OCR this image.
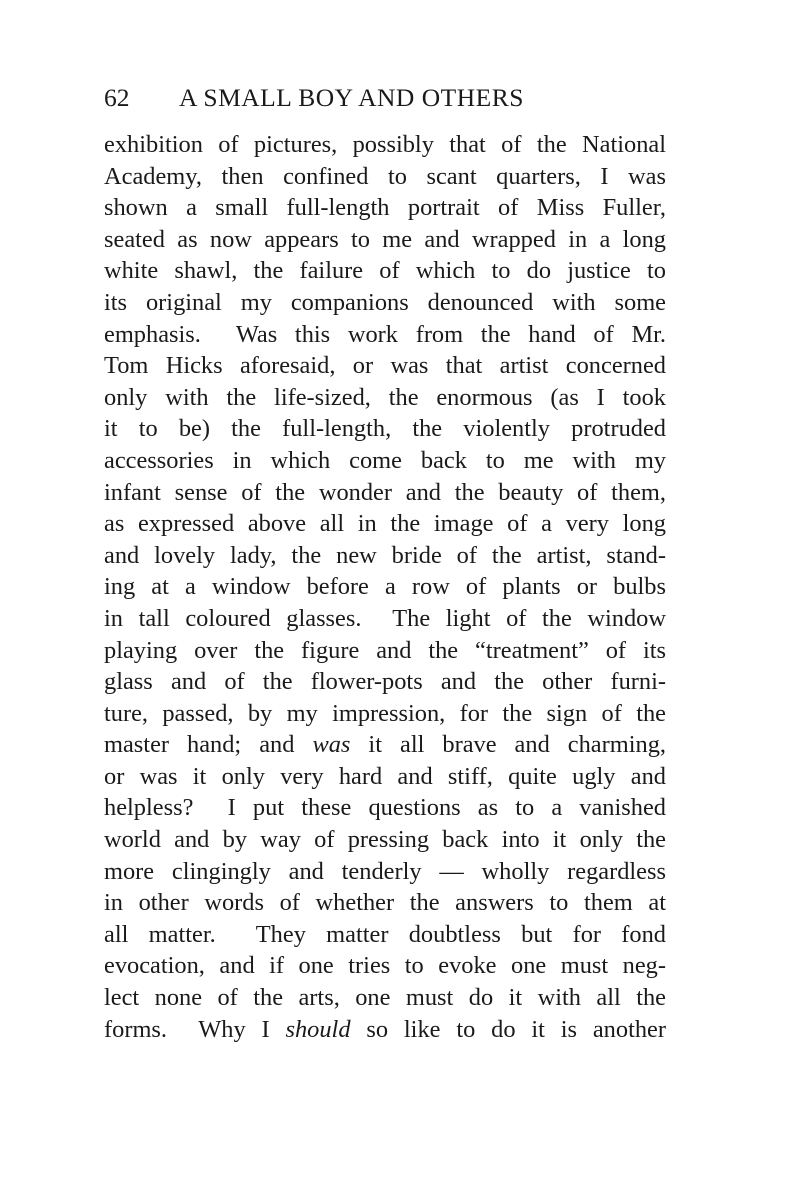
62 A SMALL BOY AND OTHERS
exhibition of pictures, possibly that of the National
Academy, then confined to scant quarters, I was
shown a small full-length portrait of Miss Fuller,
seated as now appears to me and wrapped in a long
white shawl, the failure of which to do justice to
its original my companions denounced with some
emphasis.  Was this work from the hand of Mr.
Tom Hicks aforesaid, or was that artist concerned
only with the life-sized, the enormous (as I took
it to be) the full-length, the violently protruded
accessories in which come back to me with my
infant sense of the wonder and the beauty of them,
as expressed above all in the image of a very long
and lovely lady, the new bride of the artist, stand-
ing at a window before a row of plants or bulbs
in tall coloured glasses.  The light of the window
playing over the figure and the “treatment” of its
glass and of the flower-pots and the other furni-
ture, passed, by my impression, for the sign of the
master hand; and was it all brave and charming,
or was it only very hard and stiff, quite ugly and
helpless?  I put these questions as to a vanished
world and by way of pressing back into it only the
more clingingly and tenderly — wholly regardless
in other words of whether the answers to them at
all matter.  They matter doubtless but for fond
evocation, and if one tries to evoke one must neg-
lect none of the arts, one must do it with all the
forms.  Why I should so like to do it is another
